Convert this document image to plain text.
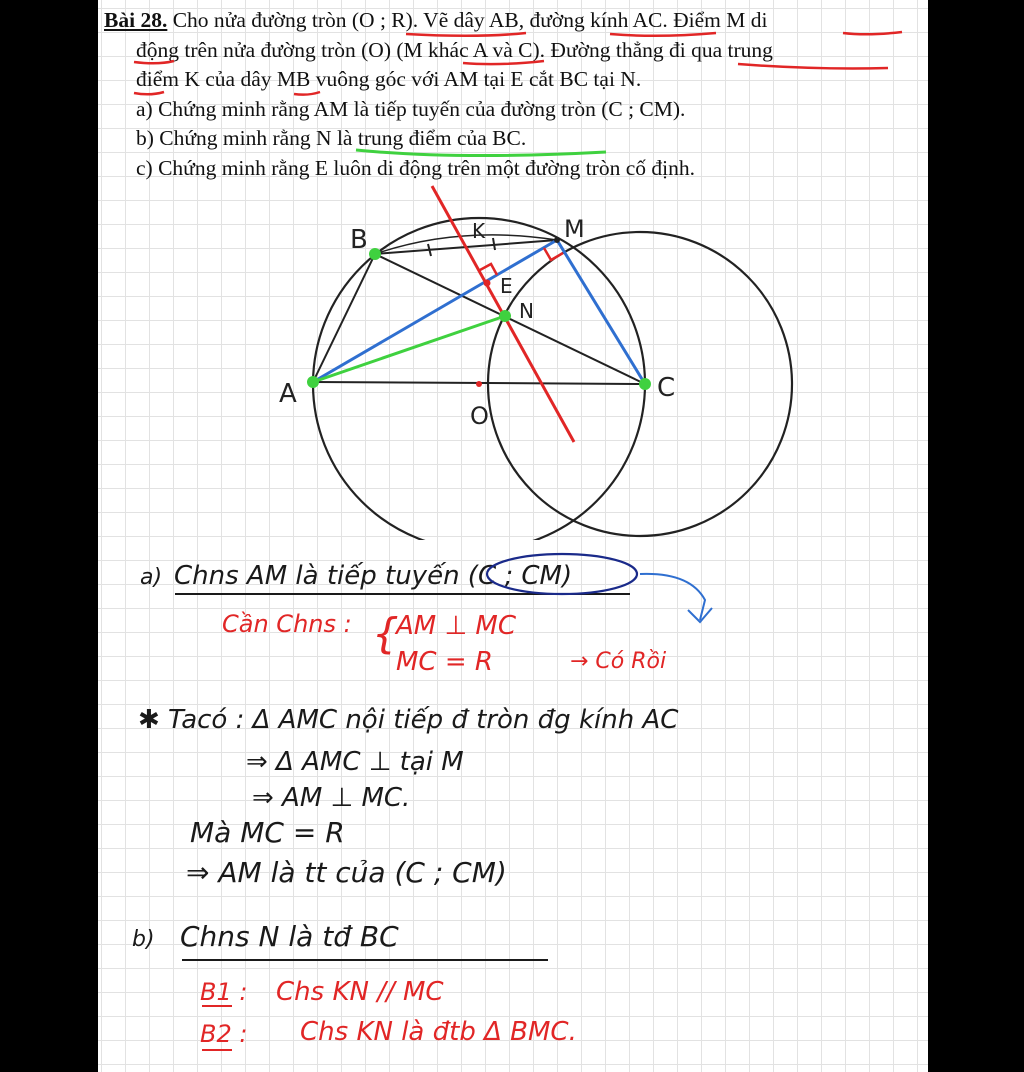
Bài 28. Cho nửa đường tròn (O ; R). Vẽ dây AB, đường kính AC. Điểm M di
động trên nửa đường tròn (O) (M khác A và C). Đường thẳng đi qua trung
điểm K của dây MB vuông góc với AM tại E cắt BC tại N.
a) Chứng minh rằng AM là tiếp tuyến của đường tròn (C ; CM).
b) Chứng minh rằng N là trung điểm của BC.
c) Chứng minh rằng E luôn di động trên một đường tròn cố định.
B	M
K
E
N
A	C
O
a) Chns AM là tiếp tuyến (C ; CM)
Cần Chns : {
AM ⊥ MC
MC = R	→ Có Rồi
✱ Tacó : Δ AMC nội tiếp đ tròn đg kính AC
⇒ Δ AMC ⊥ tại M
⇒ AM ⊥ MC.
Mà MC = R
⇒ AM là tt của (C ; CM)
b) Chns N là tđ BC
B1 : Chs KN // MC
B2 : Chs KN là đtb Δ BMC.
